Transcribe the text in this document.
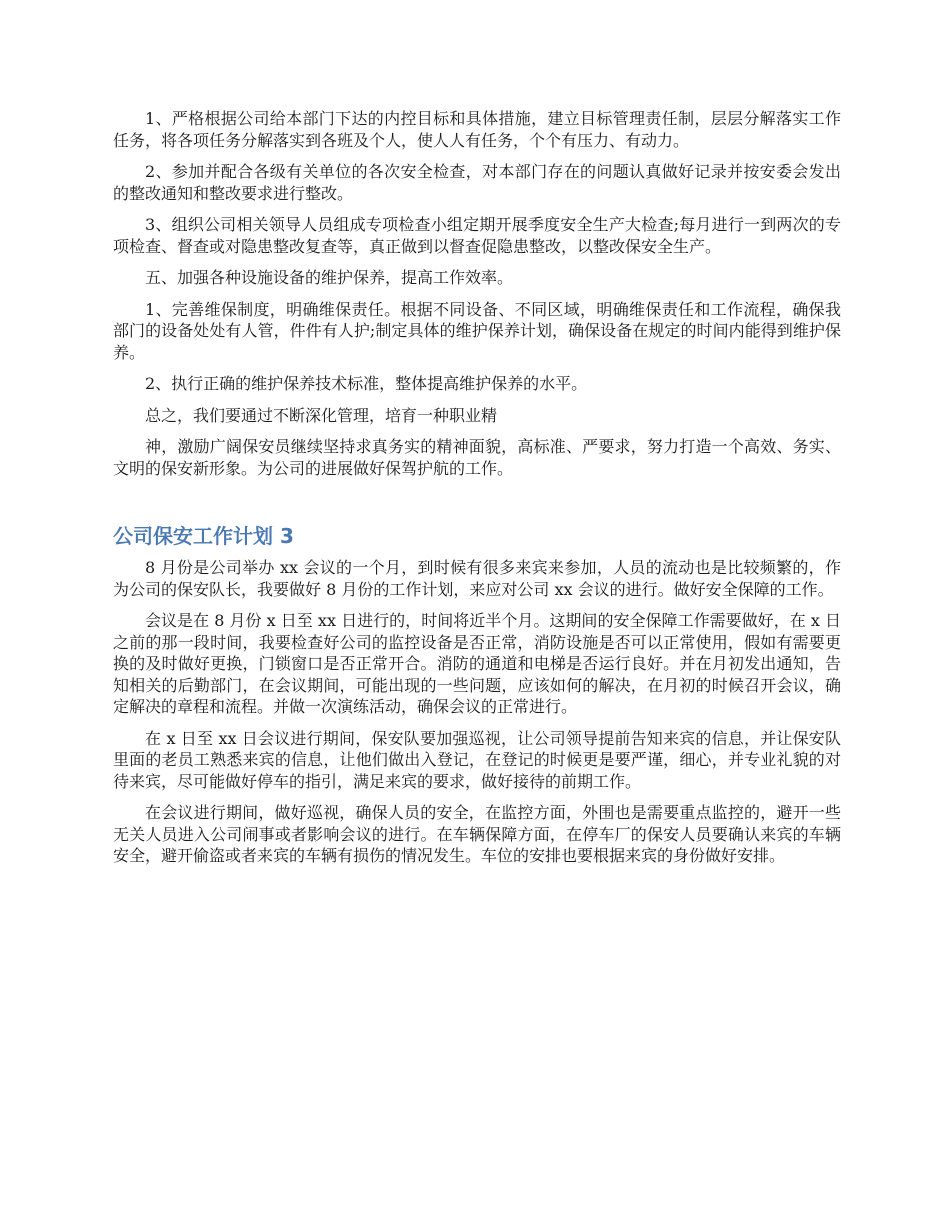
1、严格根据公司给本部门下达的内控目标和具体措施，建立目标管理责任制，层层分解落实工作任务，将各项任务分解落实到各班及个人，使人人有任务，个个有压力、有动力。

2、参加并配合各级有关单位的各次安全检查，对本部门存在的问题认真做好记录并按安委会发出的整改通知和整改要求进行整改。

3、组织公司相关领导人员组成专项检查小组定期开展季度安全生产大检查;每月进行一到两次的专项检查、督查或对隐患整改复查等，真正做到以督查促隐患整改，以整改保安全生产。

五、加强各种设施设备的维护保养，提高工作效率。

1、完善维保制度，明确维保责任。根据不同设备、不同区域，明确维保责任和工作流程，确保我部门的设备处处有人管，件件有人护;制定具体的维护保养计划，确保设备在规定的时间内能得到维护保养。

2、执行正确的维护保养技术标准，整体提高维护保养的水平。

总之，我们要通过不断深化管理，培育一种职业精

神，激励广阔保安员继续坚持求真务实的精神面貌，高标准、严要求，努力打造一个高效、务实、文明的保安新形象。为公司的进展做好保驾护航的工作。

公司保安工作计划 3

8 月份是公司举办 xx 会议的一个月，到时候有很多来宾来参加，人员的流动也是比较频繁的，作为公司的保安队长，我要做好 8 月份的工作计划，来应对公司 xx 会议的进行。做好安全保障的工作。

会议是在 8 月份 x 日至 xx 日进行的，时间将近半个月。这期间的安全保障工作需要做好，在 x 日之前的那一段时间，我要检查好公司的监控设备是否正常，消防设施是否可以正常使用，假如有需要更换的及时做好更换，门锁窗口是否正常开合。消防的通道和电梯是否运行良好。并在月初发出通知，告知相关的后勤部门，在会议期间，可能出现的一些问题，应该如何的解决，在月初的时候召开会议，确定解决的章程和流程。并做一次演练活动，确保会议的正常进行。

在 x 日至 xx 日会议进行期间，保安队要加强巡视，让公司领导提前告知来宾的信息，并让保安队里面的老员工熟悉来宾的信息，让他们做出入登记，在登记的时候更是要严谨，细心，并专业礼貌的对待来宾，尽可能做好停车的指引，满足来宾的要求，做好接待的前期工作。

在会议进行期间，做好巡视，确保人员的安全，在监控方面，外围也是需要重点监控的，避开一些无关人员进入公司闹事或者影响会议的进行。在车辆保障方面，在停车厂的保安人员要确认来宾的车辆安全，避开偷盗或者来宾的车辆有损伤的情况发生。车位的安排也要根据来宾的身份做好安排。
